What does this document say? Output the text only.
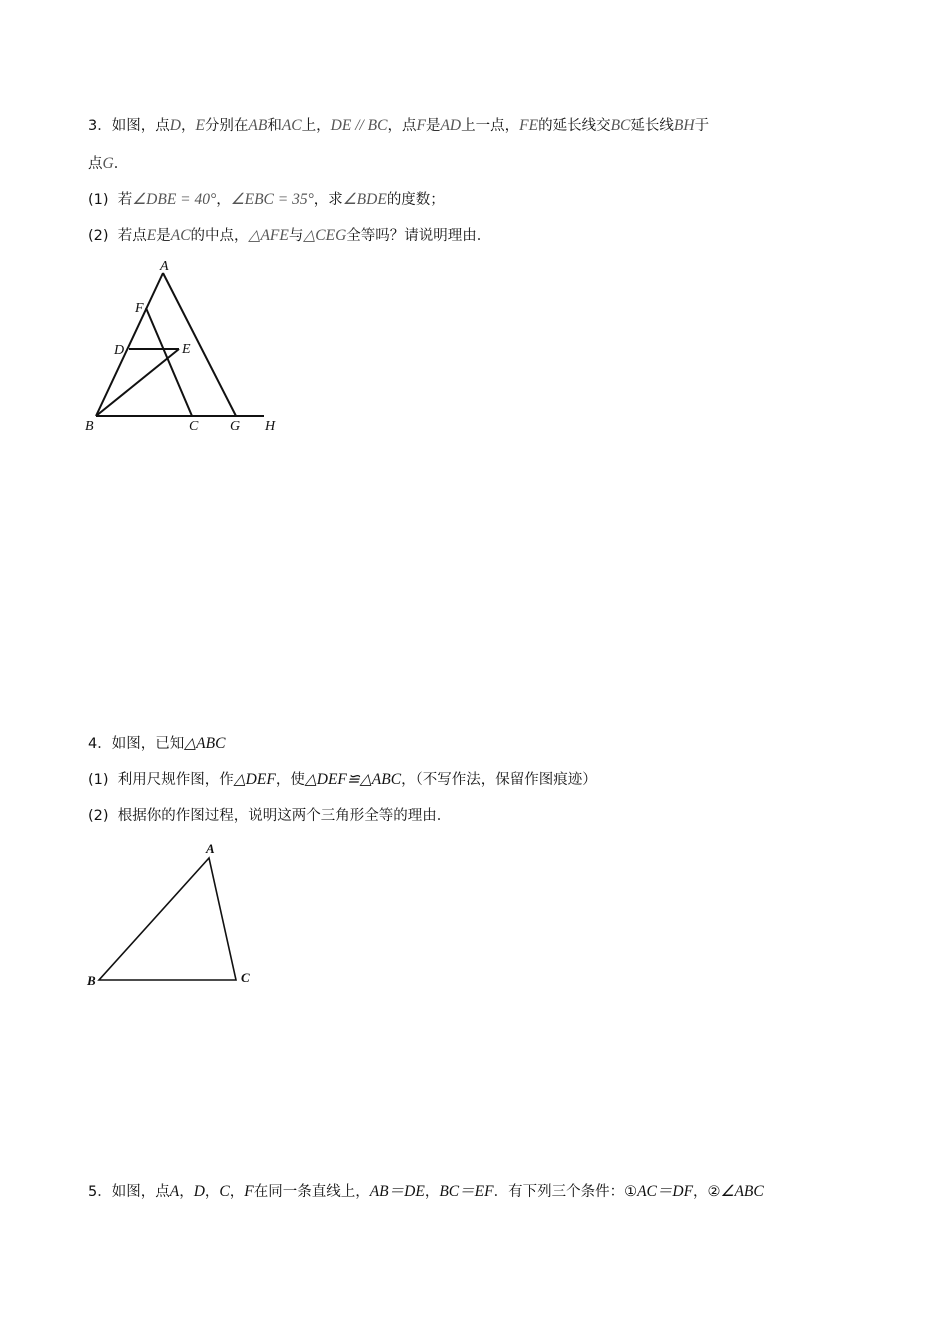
3．如图，点D，E分别在AB和AC上，DE // BC，点F是AD上一点，FE的延长线交BC延长线BH于
点G．
(1) 若∠DBE = 40°，∠EBC = 35°，求∠BDE的度数；
(2) 若点E是AC的中点，△AFE与△CEG全等吗？请说明理由．
A
F
D	E
B	C G H
4．如图，已知△ABC
(1) 利用尺规作图，作△DEF，使△DEF≌△ABC，（不写作法，保留作图痕迹）
(2) 根据你的作图过程，说明这两个三角形全等的理由．
A
B	C
5．如图，点A，D，C，F在同一条直线上，AB＝DE，BC＝EF．有下列三个条件：①AC＝DF，②∠ABC
